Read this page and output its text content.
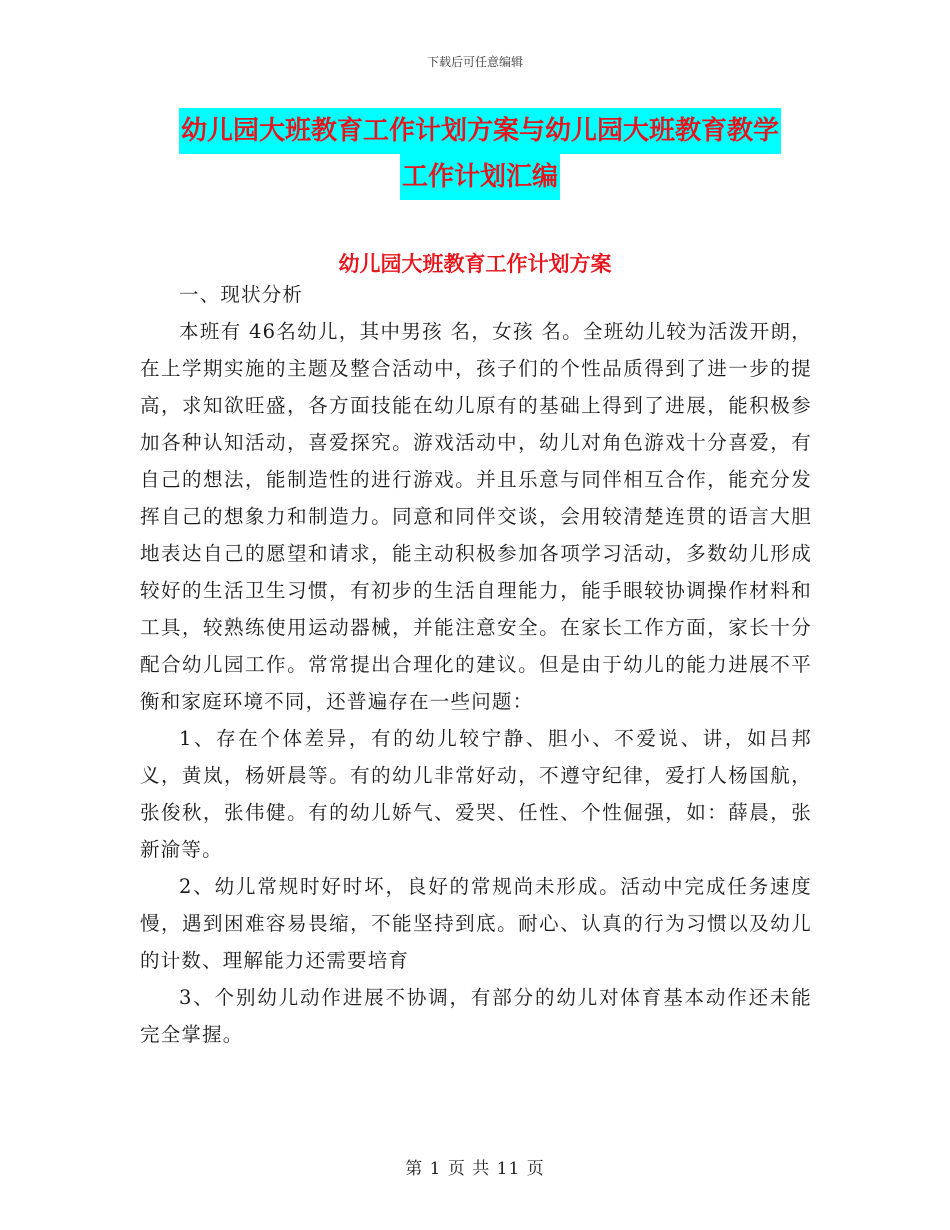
下载后可任意编辑
幼儿园大班教育工作计划方案与幼儿园大班教育教学
工作计划汇编
幼儿园大班教育工作计划方案

一、现状分析

本班有 46名幼儿，其中男孩 名，女孩 名。全班幼儿较为活泼开朗，在上学期实施的主题及整合活动中，孩子们的个性品质得到了进一步的提高，求知欲旺盛，各方面技能在幼儿原有的基础上得到了进展，能积极参加各种认知活动，喜爱探究。游戏活动中，幼儿对角色游戏十分喜爱，有自己的想法，能制造性的进行游戏。并且乐意与同伴相互合作，能充分发挥自己的想象力和制造力。同意和同伴交谈，会用较清楚连贯的语言大胆地表达自己的愿望和请求，能主动积极参加各项学习活动，多数幼儿形成较好的生活卫生习惯，有初步的生活自理能力，能手眼较协调操作材料和工具，较熟练使用运动器械，并能注意安全。在家长工作方面，家长十分配合幼儿园工作。常常提出合理化的建议。但是由于幼儿的能力进展不平衡和家庭环境不同，还普遍存在一些问题：

1、存在个体差异，有的幼儿较宁静、胆小、不爱说、讲，如吕邦义，黄岚，杨妍晨等。有的幼儿非常好动，不遵守纪律，爱打人杨国航，张俊秋，张伟健。有的幼儿娇气、爱哭、任性、个性倔强，如：薛晨，张新渝等。

2、幼儿常规时好时坏，良好的常规尚未形成。活动中完成任务速度慢，遇到困难容易畏缩，不能坚持到底。耐心、认真的行为习惯以及幼儿的计数、理解能力还需要培育

3、个别幼儿动作进展不协调，有部分的幼儿对体育基本动作还未能完全掌握。

第 1 页 共 11 页
